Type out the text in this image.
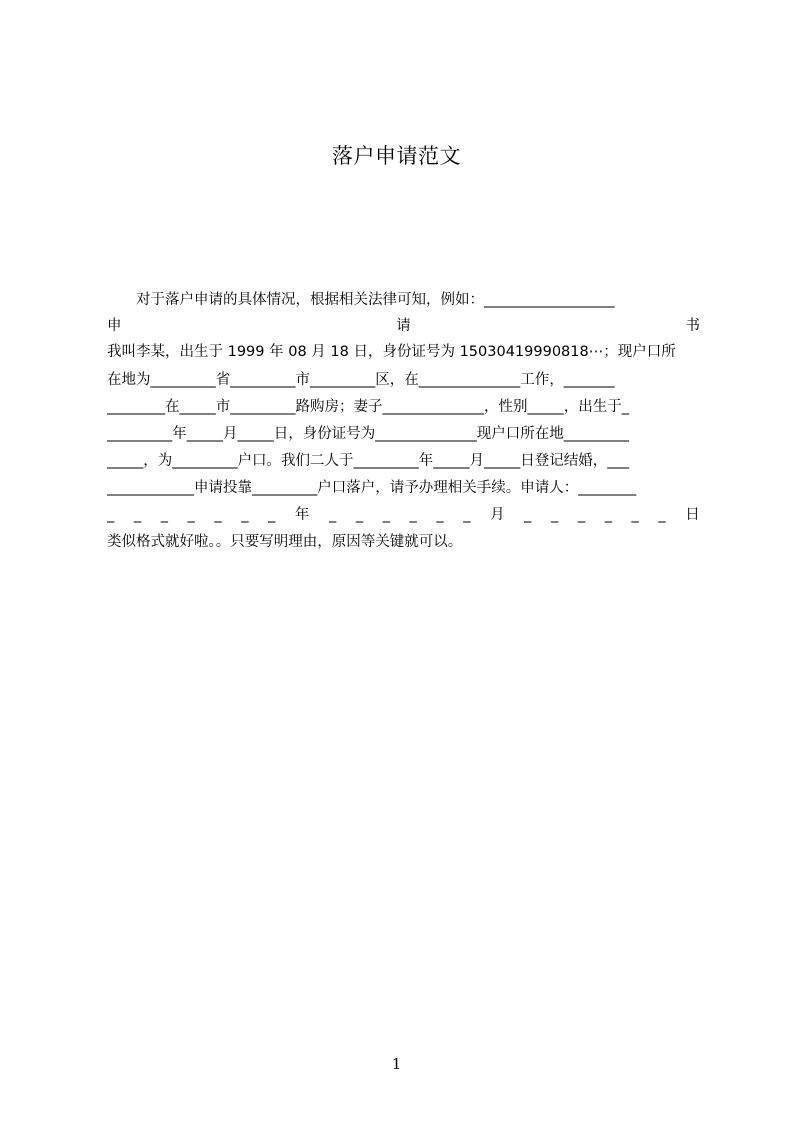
落户申请范文
　　对于落户申请的具体情况，根据相关法律可知，例如：__________________
申	请	书
我叫李某，出生于 1999 年 08 月 18 日，身份证号为 15030419990818⋯；现户口所
在地为_________省_________市_________区，在______________工作，_______
________在_____市_________路购房；妻子______________，性别_____，出生于_
_________年_____月_____日，身份证号为______________现户口所在地_________
_____，为_________户口。我们二人于_________年_____月_____日登记结婚，___
____________申请投靠_________户口落户，请予办理相关手续。申请人：________
_ _ _ _ _ _ _ 年 _ _ _ _ _ _ 月 _ _ _ _ _ _ 日
类似格式就好啦。。只要写明理由，原因等关键就可以。
1
